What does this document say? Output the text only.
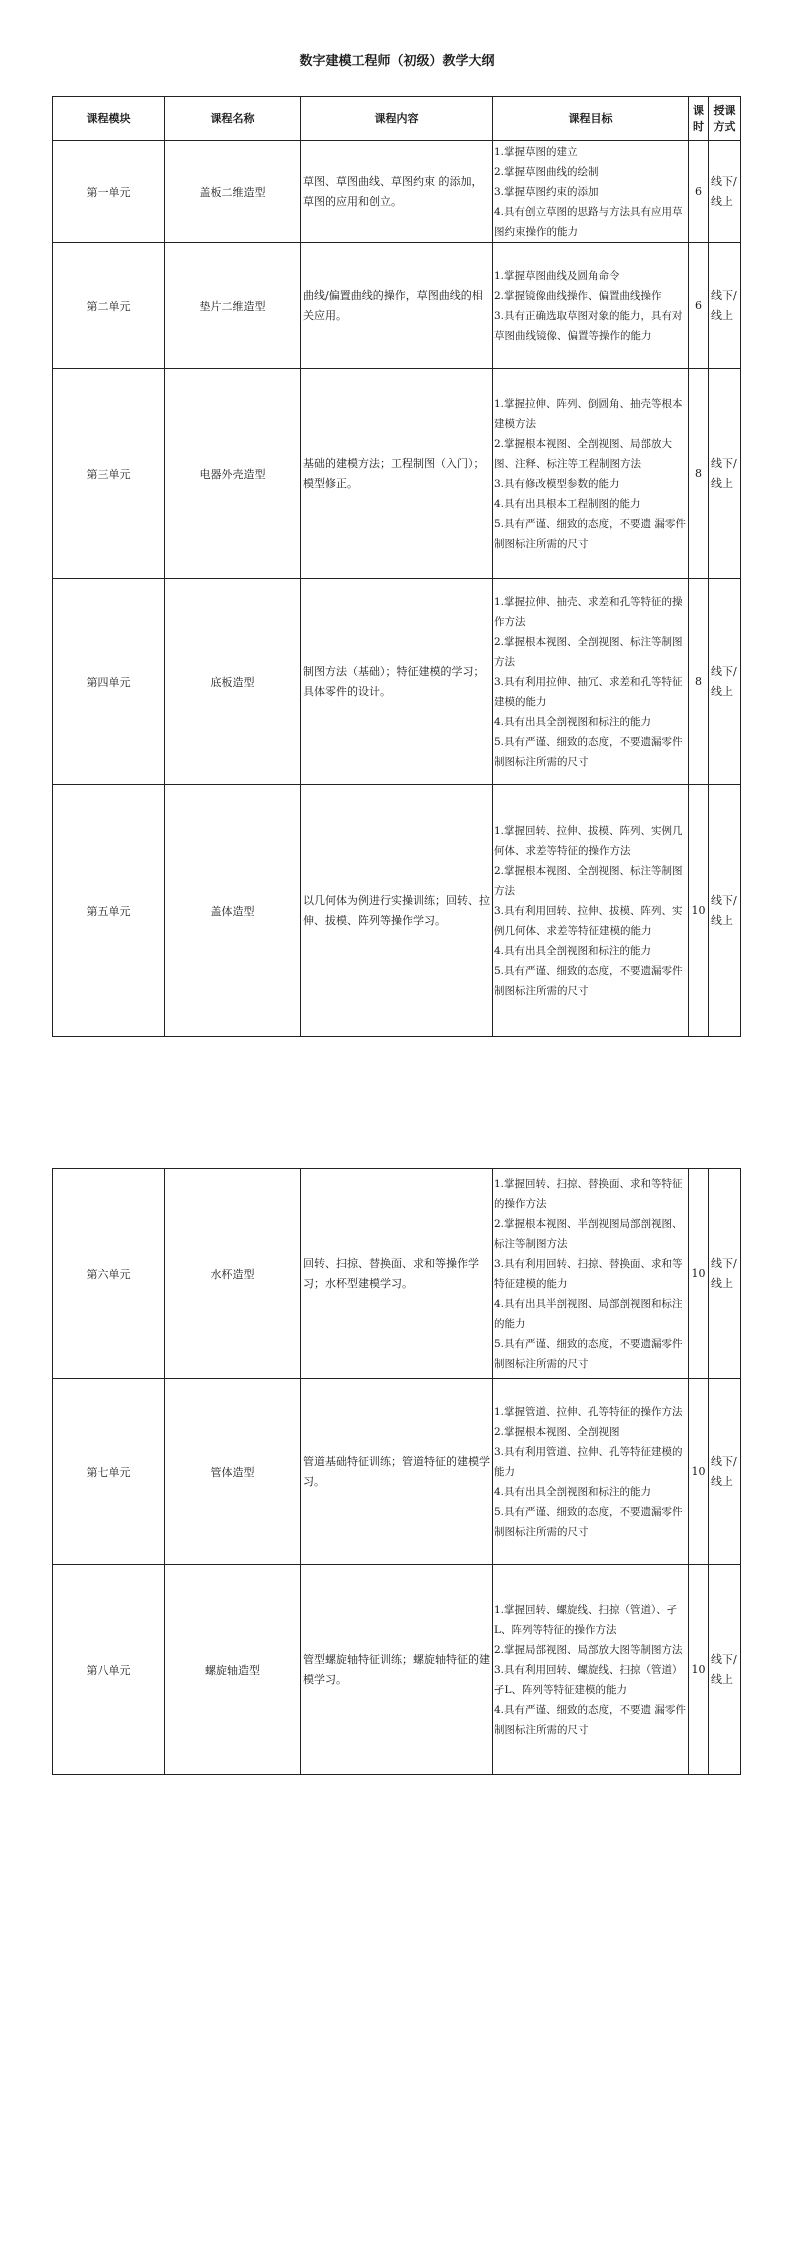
数字建模工程师（初级）教学大纲
课程模块	课程名称	课程内容	课程目标	课时	授课方式
第一单元	盖板二维造型	草图、草图曲线、草图约束 的添加，草图的应用和创立。	1.掌握草图的建立
2.掌握草图曲线的绘制
3.掌握草图约束的添加
4.具有创立草图的思路与方法具有应用草图约束操作的能力	6	线下/线上
第二单元	垫片二维造型	曲线/偏置曲线的操作，草图曲线的相关应用。	1.掌握草图曲线及圆角命令
2.掌握镜像曲线操作、偏置曲线操作
3.具有正确选取草图对象的能力，具有对草图曲线镜像、偏置等操作的能力	6	线下/线上
第三单元	电器外壳造型	基础的建模方法；工程制图（入门）；模型修正。	1.掌握拉伸、阵列、倒圆角、抽壳等根本建模方法
2.掌握根本视图、全剖视图、局部放大图、注释、标注等工程制图方法
3.具有修改模型参数的能力
4.具有出具根本工程制图的能力
5.具有严谨、细致的态度，不要遗 漏零件制图标注所需的尺寸	8	线下/线上
第四单元	底板造型	制图方法（基础）；特征建模的学习；具体零件的设计。	1.掌握拉伸、抽壳、求差和孔等特征的操作方法
2.掌握根本视图、全剖视图、标注等制图方法
3.具有利用拉伸、抽冗、求差和孔等特征建模的能力
4.具有出具全剖视图和标注的能力
5.具有严谨、细致的态度，不要遗漏零件制图标注所需的尺寸	8	线下/线上
第五单元	盖体造型	以几何体为例进行实操训练；回转、拉伸、拔模、阵列等操作学习。	1.掌握回转、拉伸、拔模、阵列、实例几何体、求差等特征的操作方法
2.掌握根本视图、全剖视图、标注等制图方法
3.具有利用回转、拉伸、拔模、阵列、实例几何体、求差等特征建模的能力
4.具有出具全剖视图和标注的能力
5.具有严谨、细致的态度，不要遗漏零件制图标注所需的尺寸	10	线下/线上
第六单元	水杯造型	回转、扫掠、替换面、求和等操作学习；水杯型建模学习。	1.掌握回转、扫掠、替换面、求和等特征的操作方法
2.掌握根本视图、半剖视图局部剖视图、标注等制图方法
3.具有利用回转、扫掠、替换面、求和等特征建模的能力
4.具有出具半剖视图、局部剖视图和标注的能力
5.具有严谨、细致的态度，不要遗漏零件制图标注所需的尺寸	10	线下/线上
第七单元	管体造型	管道基础特征训练；管道特征的建模学习。	1.掌握管道、拉伸、孔等特征的操作方法
2.掌握根本视图、全剖视图
3.具有利用管道、拉伸、孔等特征建模的能力
4.具有出具全剖视图和标注的能力
5.具有严谨、细致的态度，不要遗漏零件制图标注所需的尺寸	10	线下/线上
第八单元	螺旋轴造型	管型螺旋轴特征训练；螺旋轴特征的建模学习。	1.掌握回转、螺旋线、扫掠（管道）、孑L、阵列等特征的操作方法
2.掌握局部视图、局部放大图等制图方法
3.具有利用回转、螺旋线、扫掠（管道）孑L、阵列等特征建模的能力
4.具有严谨、细致的态度，不要遗 漏零件制图标注所需的尺寸	10	线下/线上
